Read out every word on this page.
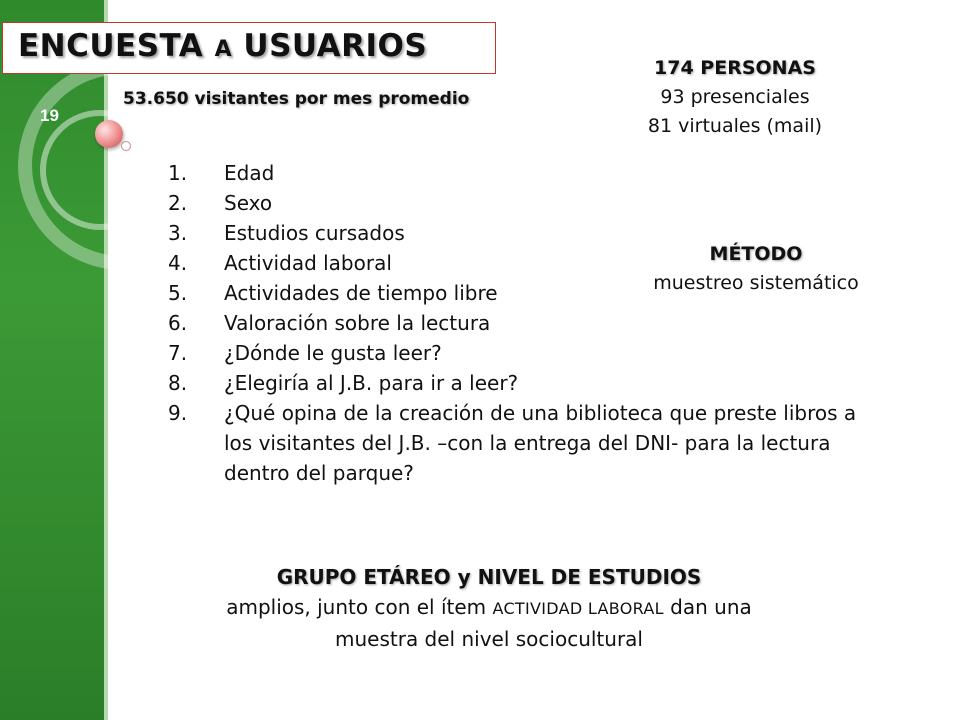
19
ENCUESTA A USUARIOS
53.650 visitantes por mes promedio
174 PERSONAS
93 presenciales
81 virtuales (mail)
MÉTODO
muestreo sistemático
1.	Edad
2.	Sexo
3.	Estudios cursados
4.	Actividad laboral
5.	Actividades de tiempo libre
6.	Valoración sobre la lectura
7.	¿Dónde le gusta leer?
8.	¿Elegiría al J.B. para ir a leer?
9.	¿Qué opina de la creación de una biblioteca que preste libros a los visitantes del J.B. –con la entrega del DNI- para la lectura dentro del parque?
GRUPO ETÁREO y NIVEL DE ESTUDIOS
amplios, junto con el ítem ACTIVIDAD LABORAL dan una muestra del nivel sociocultural
